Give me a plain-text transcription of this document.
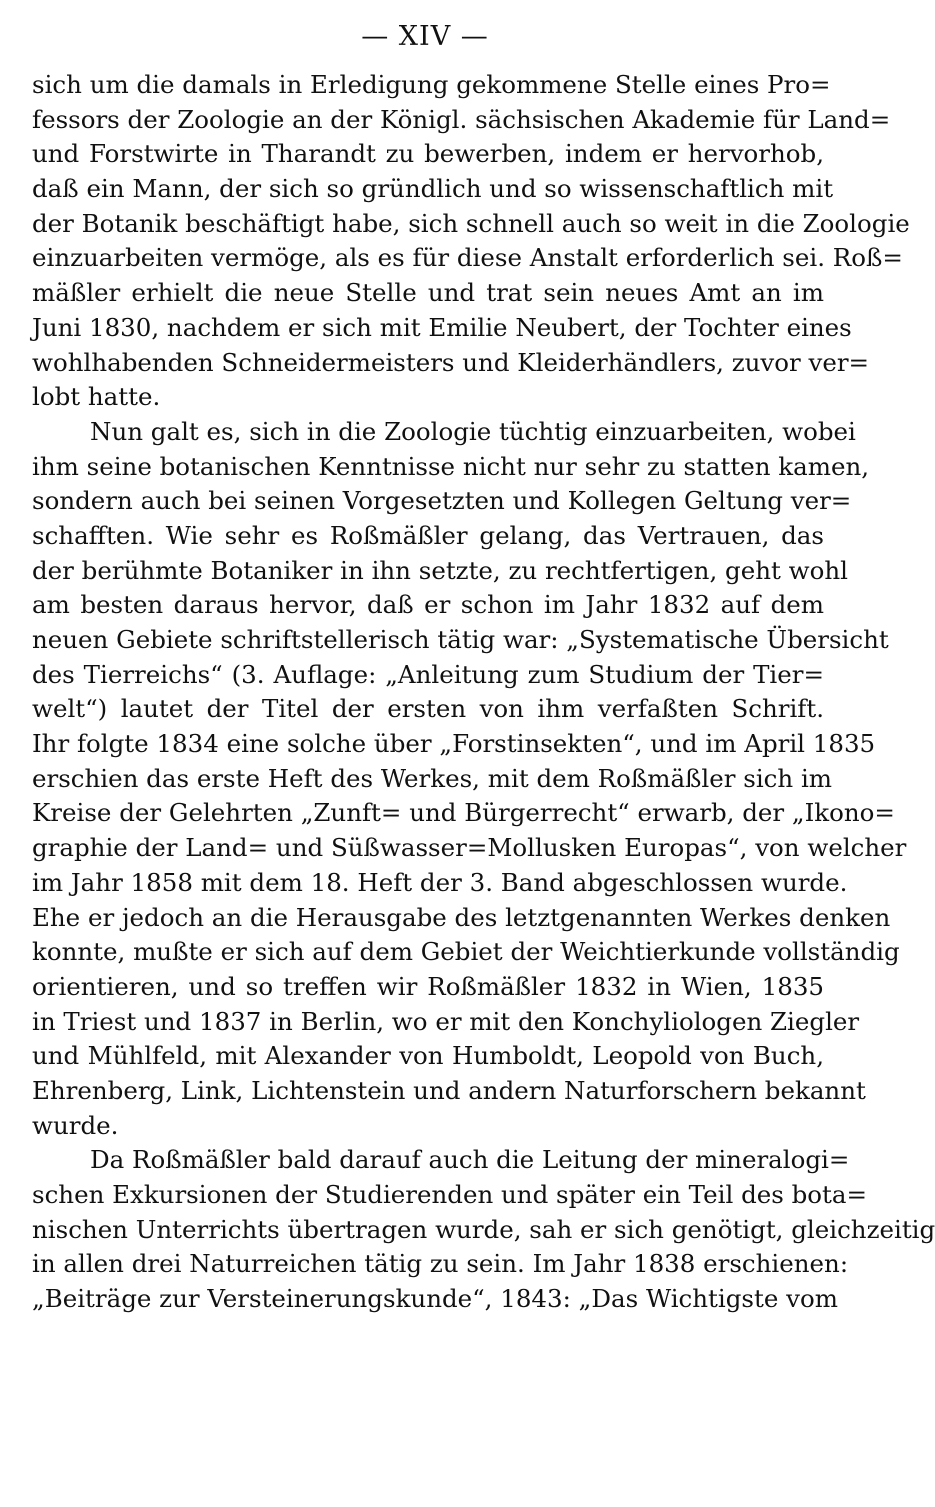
— XIV —
sich um die damals in Erledigung gekommene Stelle eines Pro=
fessors der Zoologie an der Königl. sächsischen Akademie für Land=
und Forstwirte in Tharandt zu bewerben, indem er hervorhob,
daß ein Mann, der sich so gründlich und so wissenschaftlich mit
der Botanik beschäftigt habe, sich schnell auch so weit in die Zoologie
einzuarbeiten vermöge, als es für diese Anstalt erforderlich sei. Roß=
mäßler erhielt die neue Stelle und trat sein neues Amt an im
Juni 1830, nachdem er sich mit Emilie Neubert, der Tochter eines
wohlhabenden Schneidermeisters und Kleiderhändlers, zuvor ver=
lobt hatte.
Nun galt es, sich in die Zoologie tüchtig einzuarbeiten, wobei
ihm seine botanischen Kenntnisse nicht nur sehr zu statten kamen,
sondern auch bei seinen Vorgesetzten und Kollegen Geltung ver=
schafften. Wie sehr es Roßmäßler gelang, das Vertrauen, das
der berühmte Botaniker in ihn setzte, zu rechtfertigen, geht wohl
am besten daraus hervor, daß er schon im Jahr 1832 auf dem
neuen Gebiete schriftstellerisch tätig war: „Systematische Übersicht
des Tierreichs“ (3. Auflage: „Anleitung zum Studium der Tier=
welt“) lautet der Titel der ersten von ihm verfaßten Schrift.
Ihr folgte 1834 eine solche über „Forstinsekten“, und im April 1835
erschien das erste Heft des Werkes, mit dem Roßmäßler sich im
Kreise der Gelehrten „Zunft= und Bürgerrecht“ erwarb, der „Ikono=
graphie der Land= und Süßwasser=Mollusken Europas“, von welcher
im Jahr 1858 mit dem 18. Heft der 3. Band abgeschlossen wurde.
Ehe er jedoch an die Herausgabe des letztgenannten Werkes denken
konnte, mußte er sich auf dem Gebiet der Weichtierkunde vollständig
orientieren, und so treffen wir Roßmäßler 1832 in Wien, 1835
in Triest und 1837 in Berlin, wo er mit den Konchyliologen Ziegler
und Mühlfeld, mit Alexander von Humboldt, Leopold von Buch,
Ehrenberg, Link, Lichtenstein und andern Naturforschern bekannt
wurde.
Da Roßmäßler bald darauf auch die Leitung der mineralogi=
schen Exkursionen der Studierenden und später ein Teil des bota=
nischen Unterrichts übertragen wurde, sah er sich genötigt, gleichzeitig
in allen drei Naturreichen tätig zu sein. Im Jahr 1838 erschienen:
„Beiträge zur Versteinerungskunde“, 1843: „Das Wichtigste vom
